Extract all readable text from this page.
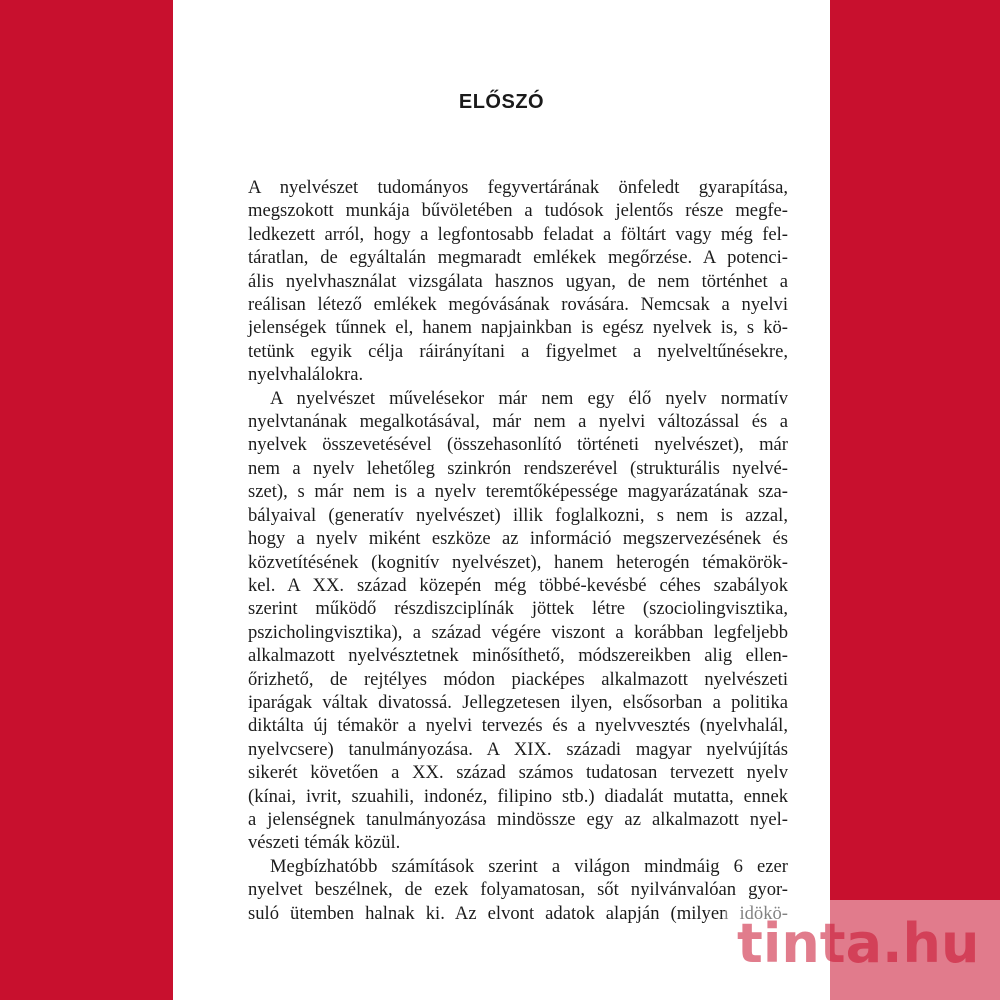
ELŐSZÓ
A nyelvészet tudományos fegyvertárának önfeledt gyarapítása,
megszokott munkája bűvöletében a tudósok jelentős része megfe-
ledkezett arról, hogy a legfontosabb feladat a föltárt vagy még fel-
táratlan, de egyáltalán megmaradt emlékek megőrzése. A potenci-
ális nyelvhasználat vizsgálata hasznos ugyan, de nem történhet a
reálisan létező emlékek megóvásának rovására. Nemcsak a nyelvi
jelenségek tűnnek el, hanem napjainkban is egész nyelvek is, s kö-
tetünk egyik célja ráirányítani a figyelmet a nyelveltűnésekre,
nyelvhalálokra.
A nyelvészet művelésekor már nem egy élő nyelv normatív
nyelvtanának megalkotásával, már nem a nyelvi változással és a
nyelvek összevetésével (összehasonlító történeti nyelvészet), már
nem a nyelv lehetőleg szinkrón rendszerével (strukturális nyelvé-
szet), s már nem is a nyelv teremtőképessége magyarázatának sza-
bályaival (generatív nyelvészet) illik foglalkozni, s nem is azzal,
hogy a nyelv miként eszköze az információ megszervezésének és
közvetítésének (kognitív nyelvészet), hanem heterogén témakörök-
kel. A XX. század közepén még többé-kevésbé céhes szabályok
szerint működő részdiszciplínák jöttek létre (szociolingvisztika,
pszicholingvisztika), a század végére viszont a korábban legfeljebb
alkalmazott nyelvésztetnek minősíthető, módszereikben alig ellen-
őrizhető, de rejtélyes módon piacképes alkalmazott nyelvészeti
iparágak váltak divatossá. Jellegzetesen ilyen, elsősorban a politika
diktálta új témakör a nyelvi tervezés és a nyelvvesztés (nyelvhalál,
nyelvcsere) tanulmányozása. A XIX. századi magyar nyelvújítás
sikerét követően a XX. század számos tudatosan tervezett nyelv
(kínai, ivrit, szuahili, indonéz, filipino stb.) diadalát mutatta, ennek
a jelenségnek tanulmányozása mindössze egy az alkalmazott nyel-
vészeti témák közül.
Megbízhatóbb számítások szerint a világon mindmáig 6 ezer
nyelvet beszélnek, de ezek folyamatosan, sőt nyilvánvalóan gyor-
suló ütemben halnak ki. Az elvont adatok alapján (milyen idökö-
tinta.hu
